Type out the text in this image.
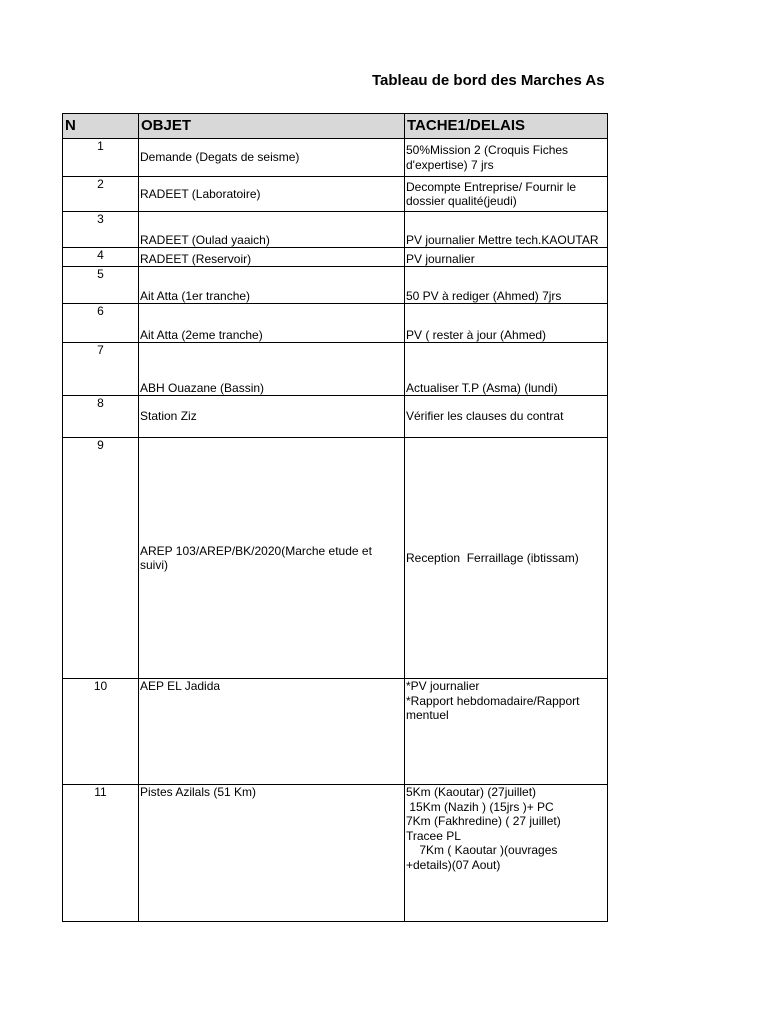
Tableau de bord des Marches As
N	OBJET	TACHE1/DELAIS
1	Demande (Degats de seisme)	50%Mission 2 (Croquis Fiches d'expertise) 7 jrs
2	RADEET (Laboratoire)	Decompte Entreprise/ Fournir le dossier qualité(jeudi)
3	RADEET (Oulad yaaich)	PV journalier Mettre tech.KAOUTAR
4	RADEET (Reservoir)	PV journalier
5	Ait Atta (1er tranche)	50 PV à rediger (Ahmed) 7jrs
6	Ait Atta (2eme tranche)	PV ( rester à jour (Ahmed)
7	ABH Ouazane (Bassin)	Actualiser T.P (Asma) (lundi)
8	Station Ziz	Vérifier les clauses du contrat
9	AREP 103/AREP/BK/2020(Marche etude et suivi)	Reception  Ferraillage (ibtissam)
10	AEP EL Jadida	*PV journalier
*Rapport hebdomadaire/Rapport mentuel
11	Pistes Azilals (51 Km)	5Km (Kaoutar) (27juillet)
15Km (Nazih ) (15jrs )+ PC
7Km (Fakhredine) ( 27 juillet)
Tracee PL
7Km ( Kaoutar )(ouvrages +details)(07 Aout)
